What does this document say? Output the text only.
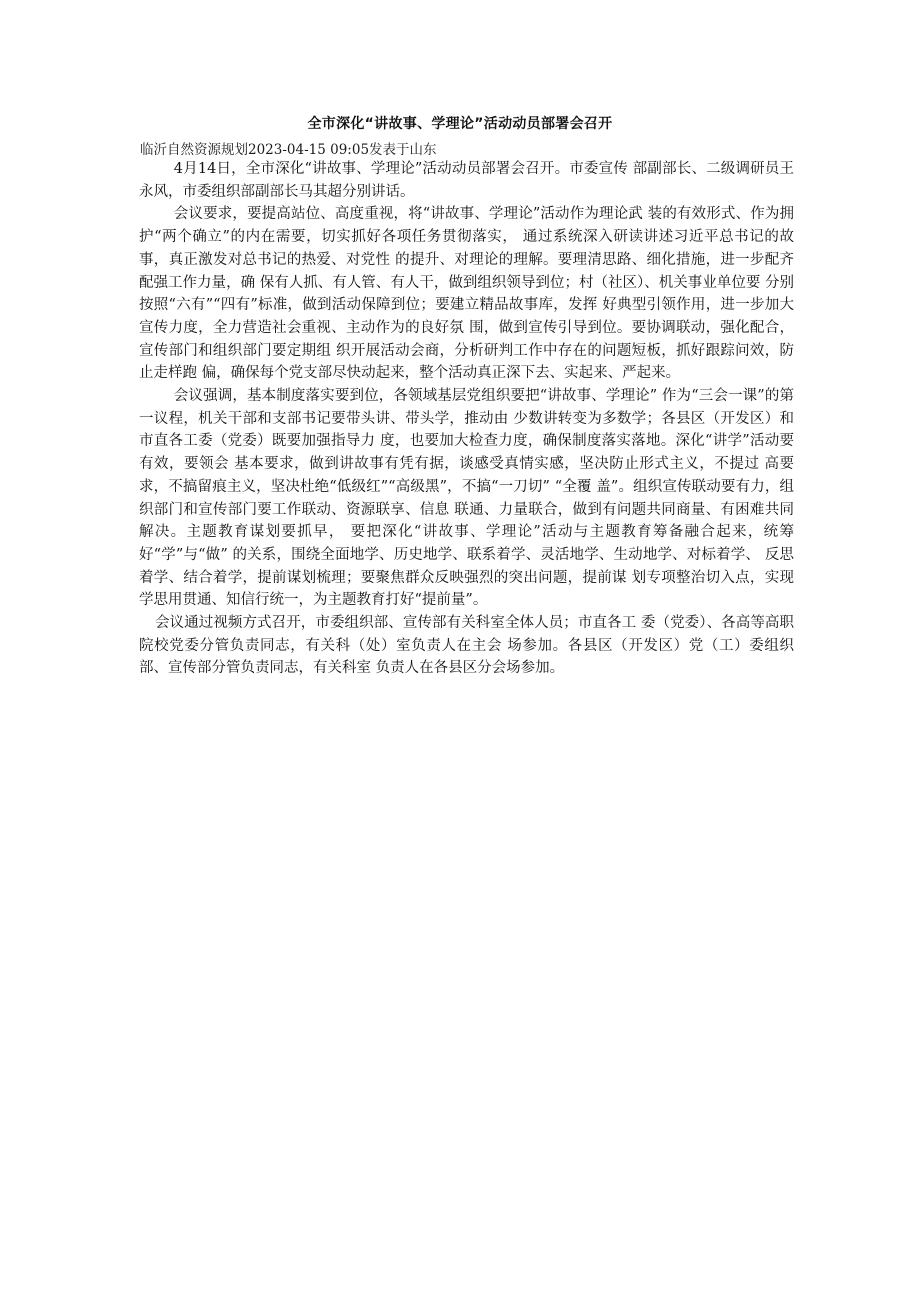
全市深化“讲故事、学理论”活动动员部署会召开
临沂自然资源规划2023-04-15 09:05发表于山东

4月14日，全市深化“讲故事、学理论”活动动员部署会召开。市委宣传 部副部长、二级调研员王永风，市委组织部副部长马其超分别讲话。

会议要求，要提高站位、高度重视，将“讲故事、学理论”活动作为理论武 装的有效形式、作为拥护“两个确立”的内在需要，切实抓好各项任务贯彻落实， 通过系统深入研读讲述习近平总书记的故事，真正激发对总书记的热爱、对党性 的提升、对理论的理解。要理清思路、细化措施，进一步配齐配强工作力量，确 保有人抓、有人管、有人干，做到组织领导到位；村（社区）、机关事业单位要 分别按照“六有”“四有”标准，做到活动保障到位；要建立精品故事库，发挥 好典型引领作用，进一步加大宣传力度，全力营造社会重视、主动作为的良好氛 围，做到宣传引导到位。要协调联动，强化配合，宣传部门和组织部门要定期组 织开展活动会商，分析研判工作中存在的问题短板，抓好跟踪问效，防止走样跑 偏，确保每个党支部尽快动起来，整个活动真正深下去、实起来、严起来。

会议强调，基本制度落实要到位，各领域基层党组织要把“讲故事、学理论” 作为“三会一课”的第一议程，机关干部和支部书记要带头讲、带头学，推动由 少数讲转变为多数学；各县区（开发区）和市直各工委（党委）既要加强指导力 度，也要加大检查力度，确保制度落实落地。深化“讲学”活动要有效，要领会 基本要求，做到讲故事有凭有据，谈感受真情实感，坚决防止形式主义，不提过 高要求，不搞留痕主义，坚决杜绝“低级红”“高级黑”，不搞“一刀切” “全覆 盖”。组织宣传联动要有力，组织部门和宣传部门要工作联动、资源联享、信息 联通、力量联合，做到有问题共同商量、有困难共同解决。主题教育谋划要抓早， 要把深化“讲故事、学理论”活动与主题教育筹备融合起来，统筹好“学”与“做” 的关系，围绕全面地学、历史地学、联系着学、灵活地学、生动地学、对标着学、 反思着学、结合着学，提前谋划梳理；要聚焦群众反映强烈的突出问题，提前谋 划专项整治切入点，实现学思用贯通、知信行统一，为主题教育打好“提前量”。

会议通过视频方式召开，市委组织部、宣传部有关科室全体人员；市直各工 委（党委）、各高等高职院校党委分管负责同志，有关科（处）室负责人在主会 场参加。各县区（开发区）党（工）委组织部、宣传部分管负责同志，有关科室 负责人在各县区分会场参加。
